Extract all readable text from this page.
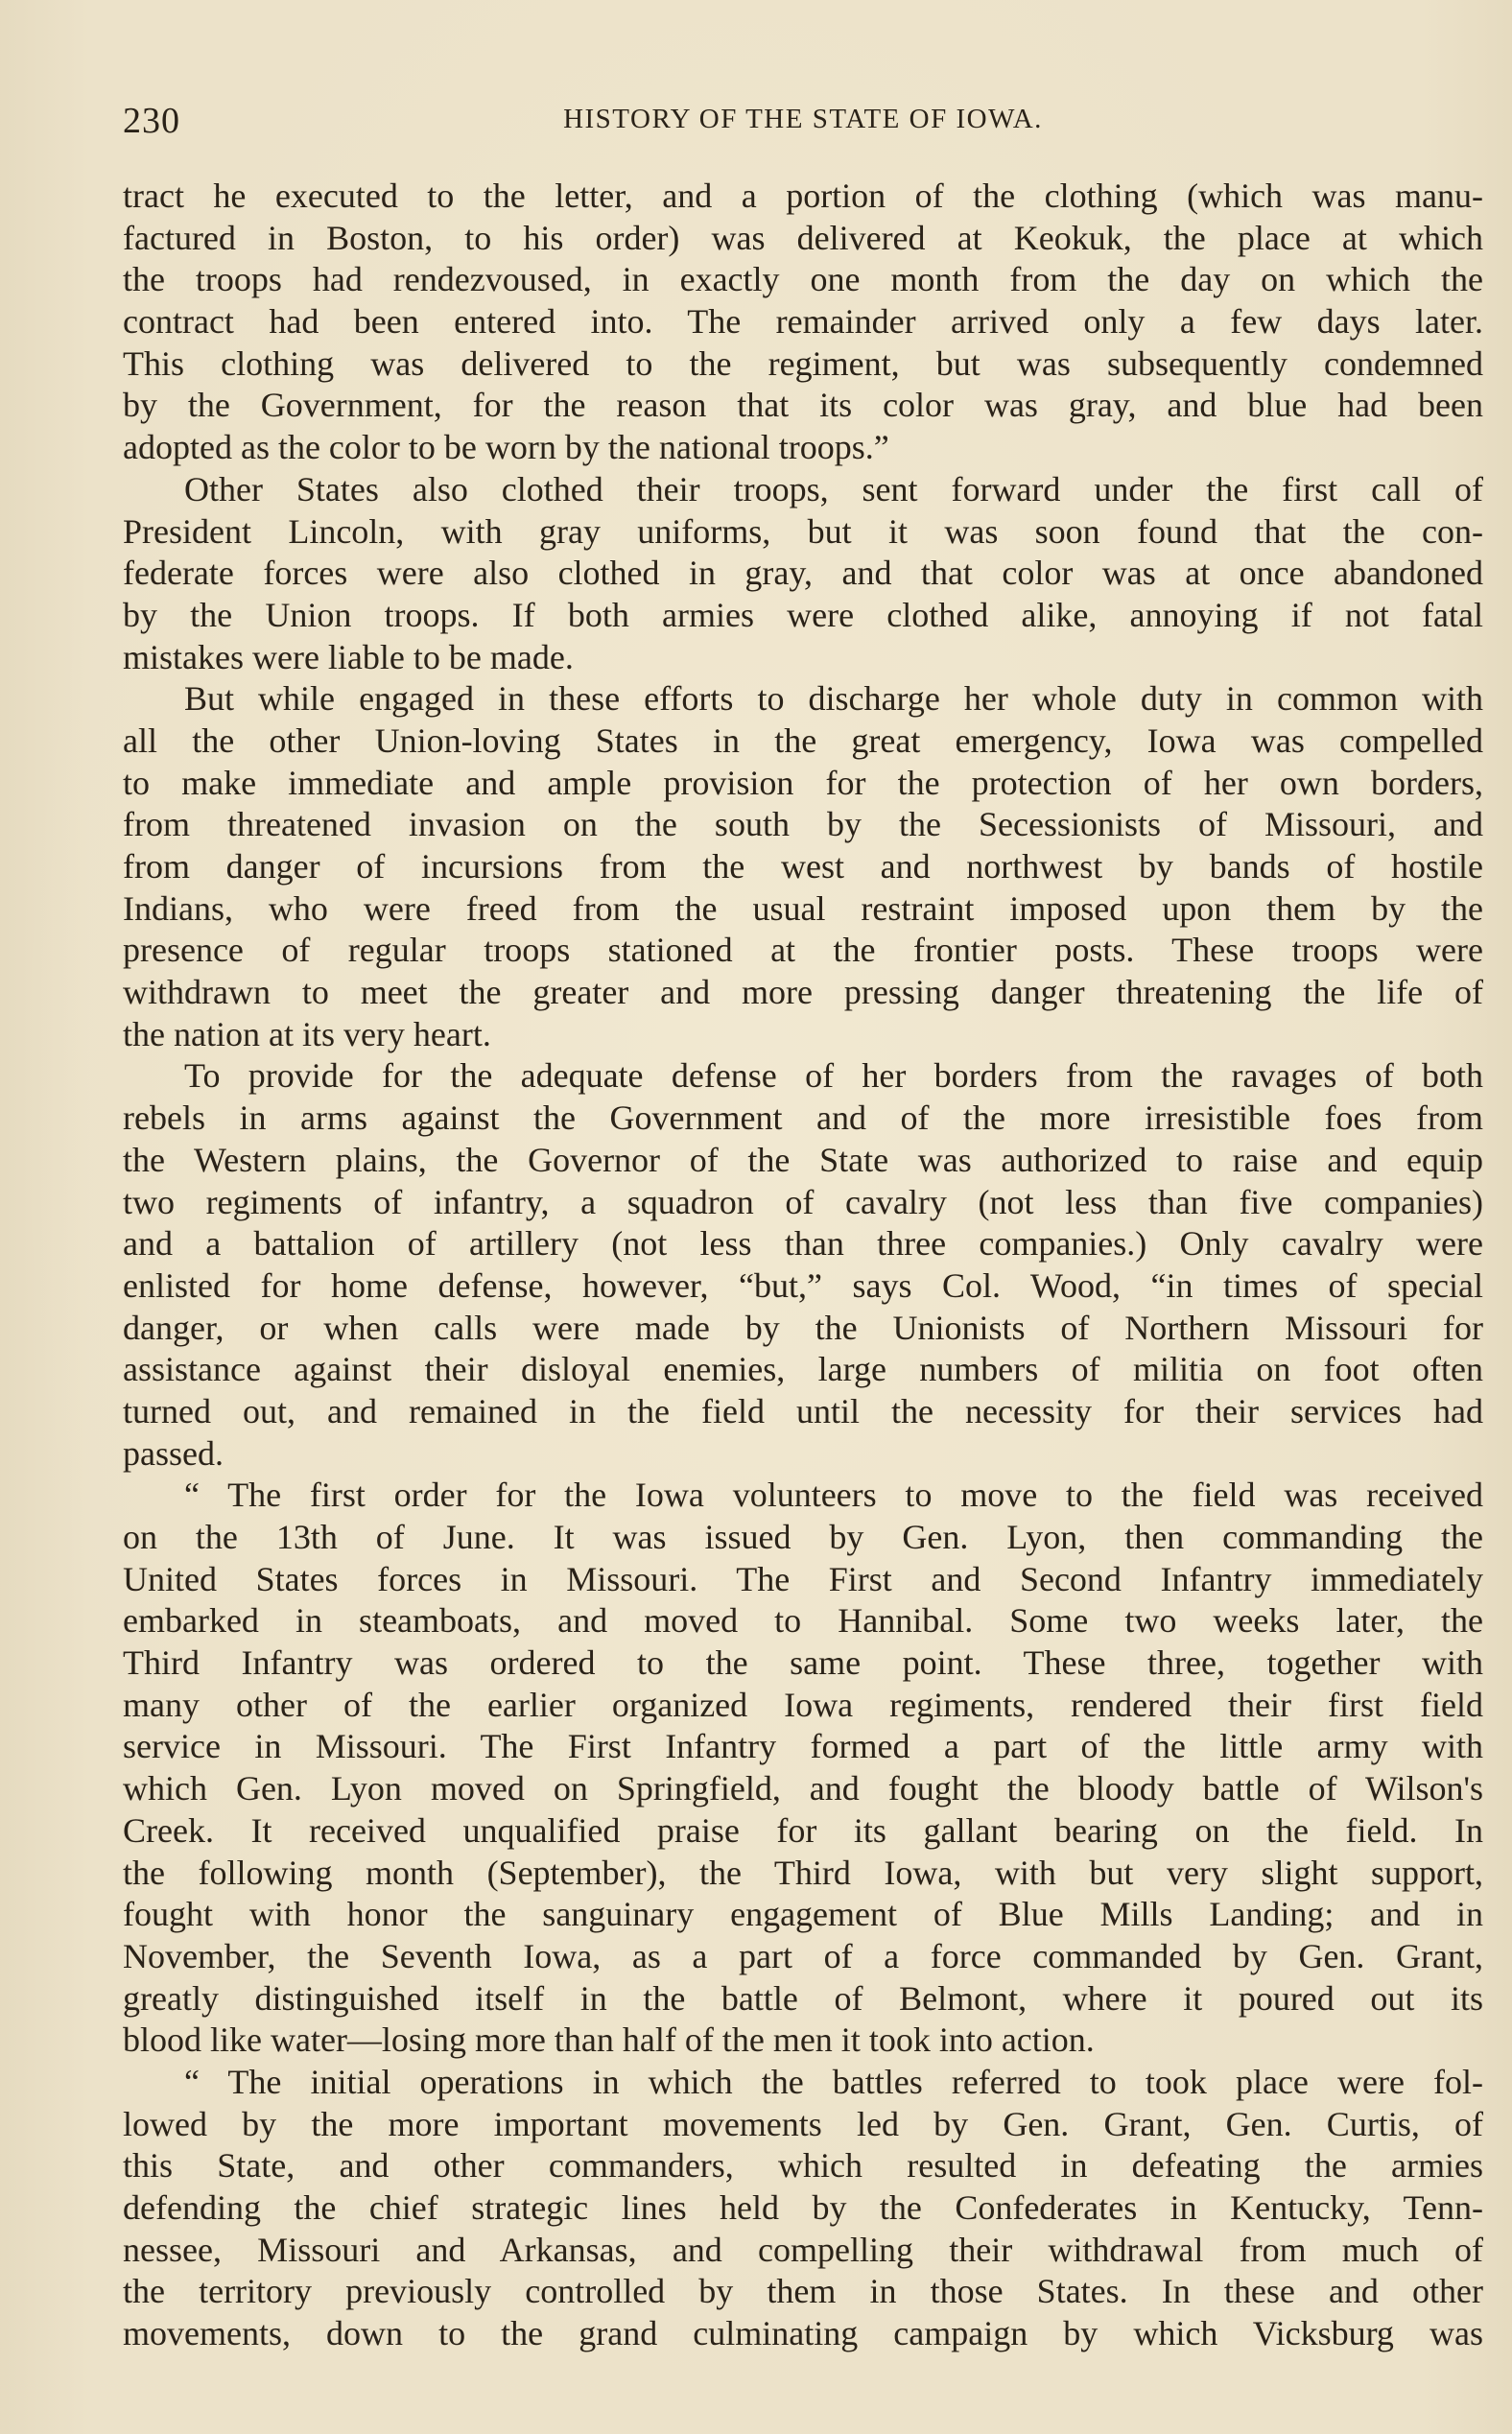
230	HISTORY OF THE STATE OF IOWA.
tract he executed to the letter, and a portion of the clothing (which was manu-
factured in Boston, to his order) was delivered at Keokuk, the place at which
the troops had rendezvoused, in exactly one month from the day on which the
contract had been entered into. The remainder arrived only a few days later.
This clothing was delivered to the regiment, but was subsequently condemned
by the Government, for the reason that its color was gray, and blue had been
adopted as the color to be worn by the national troops.”
Other States also clothed their troops, sent forward under the first call of
President Lincoln, with gray uniforms, but it was soon found that the con-
federate forces were also clothed in gray, and that color was at once abandoned
by the Union troops. If both armies were clothed alike, annoying if not fatal
mistakes were liable to be made.
But while engaged in these efforts to discharge her whole duty in common with
all the other Union-loving States in the great emergency, Iowa was compelled
to make immediate and ample provision for the protection of her own borders,
from threatened invasion on the south by the Secessionists of Missouri, and
from danger of incursions from the west and northwest by bands of hostile
Indians, who were freed from the usual restraint imposed upon them by the
presence of regular troops stationed at the frontier posts. These troops were
withdrawn to meet the greater and more pressing danger threatening the life of
the nation at its very heart.
To provide for the adequate defense of her borders from the ravages of both
rebels in arms against the Government and of the more irresistible foes from
the Western plains, the Governor of the State was authorized to raise and equip
two regiments of infantry, a squadron of cavalry (not less than five companies)
and a battalion of artillery (not less than three companies.) Only cavalry were
enlisted for home defense, however, “but,” says Col. Wood, “in times of special
danger, or when calls were made by the Unionists of Northern Missouri for
assistance against their disloyal enemies, large numbers of militia on foot often
turned out, and remained in the field until the necessity for their services had
passed.
“ The first order for the Iowa volunteers to move to the field was received
on the 13th of June. It was issued by Gen. Lyon, then commanding the
United States forces in Missouri. The First and Second Infantry immediately
embarked in steamboats, and moved to Hannibal. Some two weeks later, the
Third Infantry was ordered to the same point. These three, together with
many other of the earlier organized Iowa regiments, rendered their first field
service in Missouri. The First Infantry formed a part of the little army with
which Gen. Lyon moved on Springfield, and fought the bloody battle of Wilson's
Creek. It received unqualified praise for its gallant bearing on the field. In
the following month (September), the Third Iowa, with but very slight support,
fought with honor the sanguinary engagement of Blue Mills Landing; and in
November, the Seventh Iowa, as a part of a force commanded by Gen. Grant,
greatly distinguished itself in the battle of Belmont, where it poured out its
blood like water—losing more than half of the men it took into action.
“ The initial operations in which the battles referred to took place were fol-
lowed by the more important movements led by Gen. Grant, Gen. Curtis, of
this State, and other commanders, which resulted in defeating the armies
defending the chief strategic lines held by the Confederates in Kentucky, Tenn-
nessee, Missouri and Arkansas, and compelling their withdrawal from much of
the territory previously controlled by them in those States. In these and other
movements, down to the grand culminating campaign by which Vicksburg was
